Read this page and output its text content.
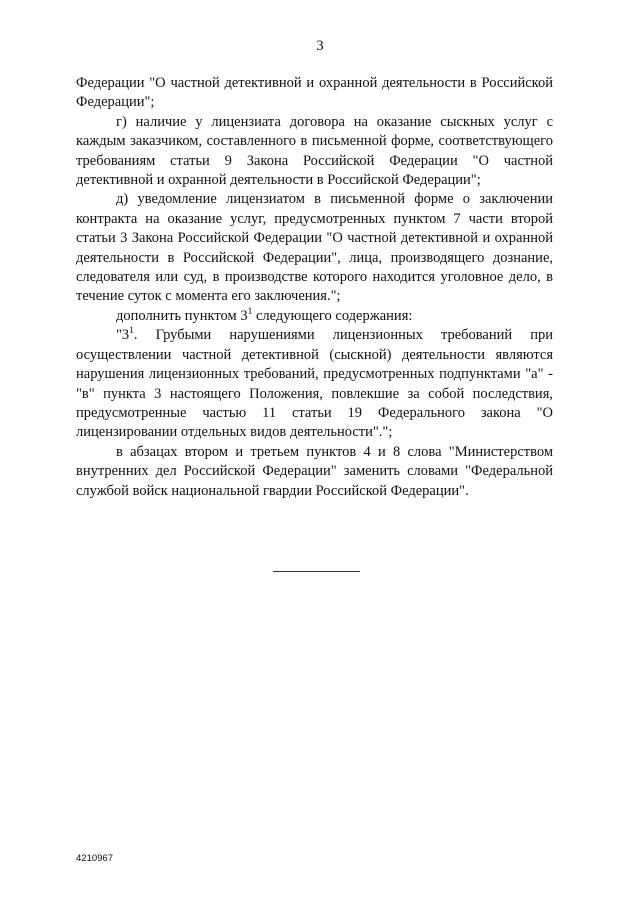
3

Федерации "О частной детективной и охранной деятельности в Российской Федерации";

г) наличие у лицензиата договора на оказание сыскных услуг с каждым заказчиком, составленного в письменной форме, соответствующего требованиям статьи 9 Закона Российской Федерации "О частной детективной и охранной деятельности в Российской Федерации";

д) уведомление лицензиатом в письменной форме о заключении контракта на оказание услуг, предусмотренных пунктом 7 части второй статьи 3 Закона Российской Федерации "О частной детективной и охранной деятельности в Российской Федерации", лица, производящего дознание, следователя или суд, в производстве которого находится уголовное дело, в течение суток с момента его заключения.";

дополнить пунктом $3^1$ следующего содержания:

"$3^1$. Грубыми нарушениями лицензионных требований при осуществлении частной детективной (сыскной) деятельности являются нарушения лицензионных требований, предусмотренных подпунктами "а" - "в" пункта 3 настоящего Положения, повлекшие за собой последствия, предусмотренные частью 11 статьи 19 Федерального закона "О лицензировании отдельных видов деятельности".";

в абзацах втором и третьем пунктов 4 и 8 слова "Министерством внутренних дел Российской Федерации" заменить словами "Федеральной службой войск национальной гвардии Российской Федерации".

4210967
